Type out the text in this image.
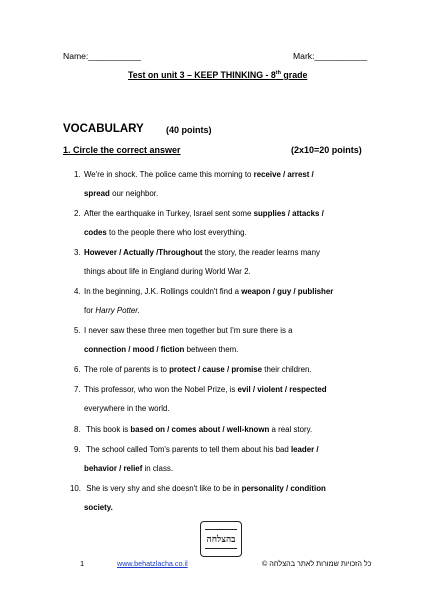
Name:___________	Mark:___________
Test on unit 3 – KEEP THINKING - 8th grade
VOCABULARY (40 points)
1. Circle the correct answer	(2x10=20 points)
1. We're in shock. The police came this morning to receive / arrest /
spread our neighbor.
2. After the earthquake in Turkey, Israel sent some supplies / attacks /
codes to the people there who lost everything.
3. However / Actually /Throughout the story, the reader learns many
things about life in England during World War 2.
4. In the beginning, J.K. Rollings couldn't find a weapon / guy / publisher
for Harry Potter.
5. I never saw these three men together but I'm sure there is a
connection / mood / fiction between them.
6. The role of parents is to protect / cause / promise their children.
7. This professor, who won the Nobel Prize, is evil / violent / respected
everywhere in the world.
8. This book is based on / comes about / well-known a real story.
9. The school called Tom's parents to tell them about his bad leader /
behavior / relief in class.
10. She is very shy and she doesn't like to be in personality / condition
society.
בהצלחה
1	www.behatzlacha.co.il	כל הזכויות שמורות לאתר בהצלחה ©
